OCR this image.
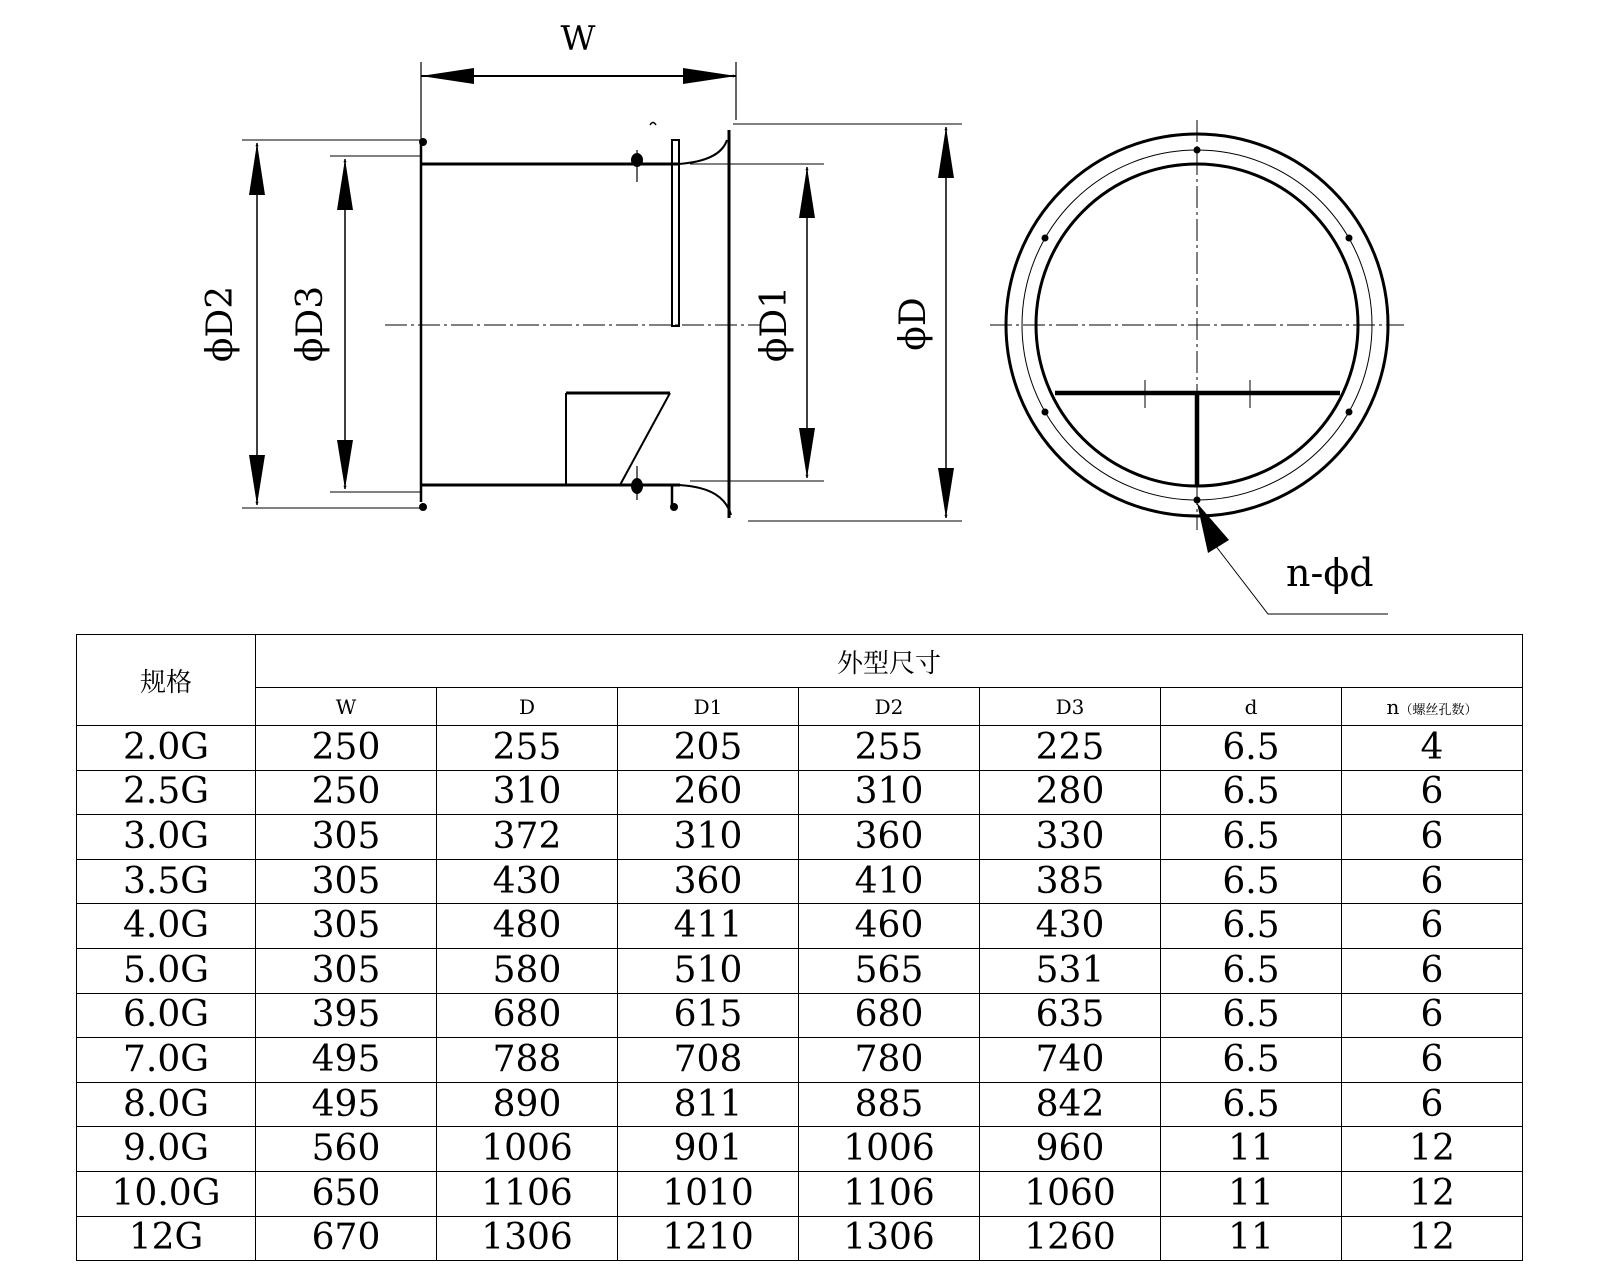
W
ϕD2 ϕD3	ϕD1	ϕD
n-ϕd
规格	外型尺寸						
	W	D	D1	D2	D3	d	n（螺丝孔数）
2.0G	250	255	205	255	225	6.5	4
2.5G	250	310	260	310	280	6.5	6
3.0G	305	372	310	360	330	6.5	6
3.5G	305	430	360	410	385	6.5	6
4.0G	305	480	411	460	430	6.5	6
5.0G	305	580	510	565	531	6.5	6
6.0G	395	680	615	680	635	6.5	6
7.0G	495	788	708	780	740	6.5	6
8.0G	495	890	811	885	842	6.5	6
9.0G	560	1006	901	1006	960	11	12
10.0G	650	1106	1010	1106	1060	11	12
12G	670	1306	1210	1306	1260	11	12
